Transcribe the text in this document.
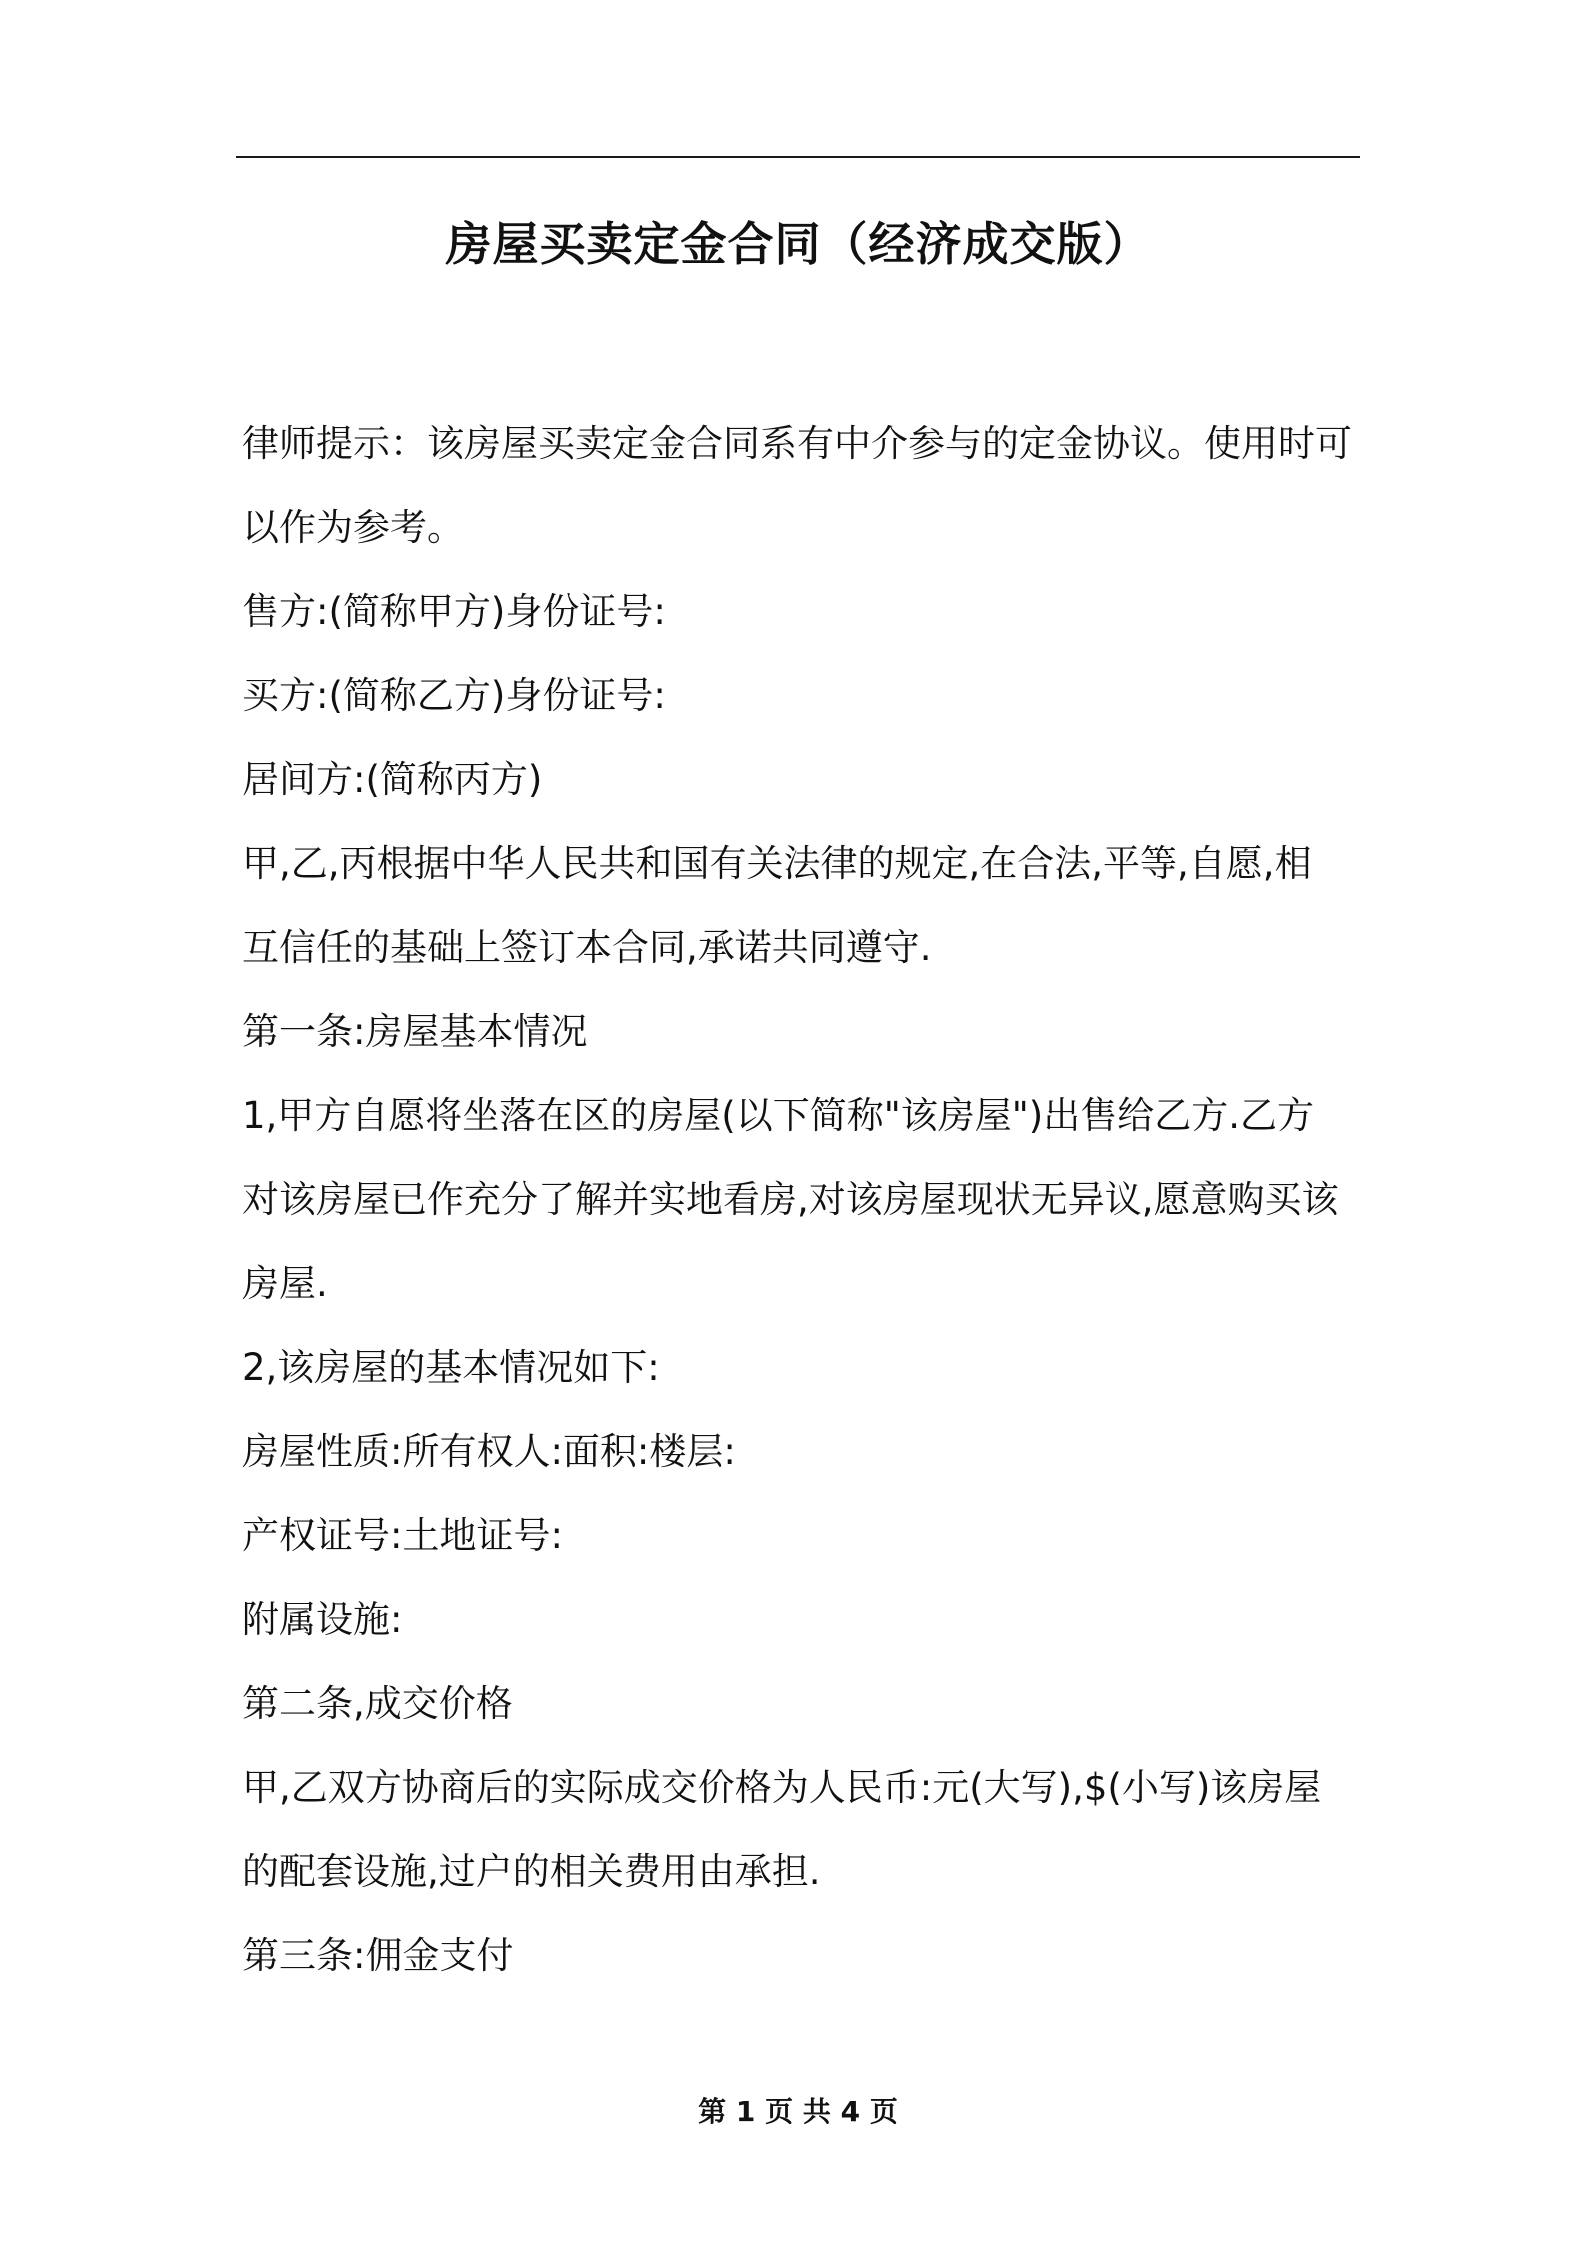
房屋买卖定金合同（经济成交版）
律师提示：该房屋买卖定金合同系有中介参与的定金协议。使用时可
以作为参考。
售方:(简称甲方)身份证号:
买方:(简称乙方)身份证号:
居间方:(简称丙方)
甲,乙,丙根据中华人民共和国有关法律的规定,在合法,平等,自愿,相
互信任的基础上签订本合同,承诺共同遵守.
第一条:房屋基本情况
1,甲方自愿将坐落在区的房屋(以下简称"该房屋")出售给乙方.乙方
对该房屋已作充分了解并实地看房,对该房屋现状无异议,愿意购买该
房屋.
2,该房屋的基本情况如下:
房屋性质:所有权人:面积:楼层:
产权证号:土地证号:
附属设施:
第二条,成交价格
甲,乙双方协商后的实际成交价格为人民币:元(大写),$(小写)该房屋
的配套设施,过户的相关费用由承担.
第三条:佣金支付
第 1 页 共 4 页
